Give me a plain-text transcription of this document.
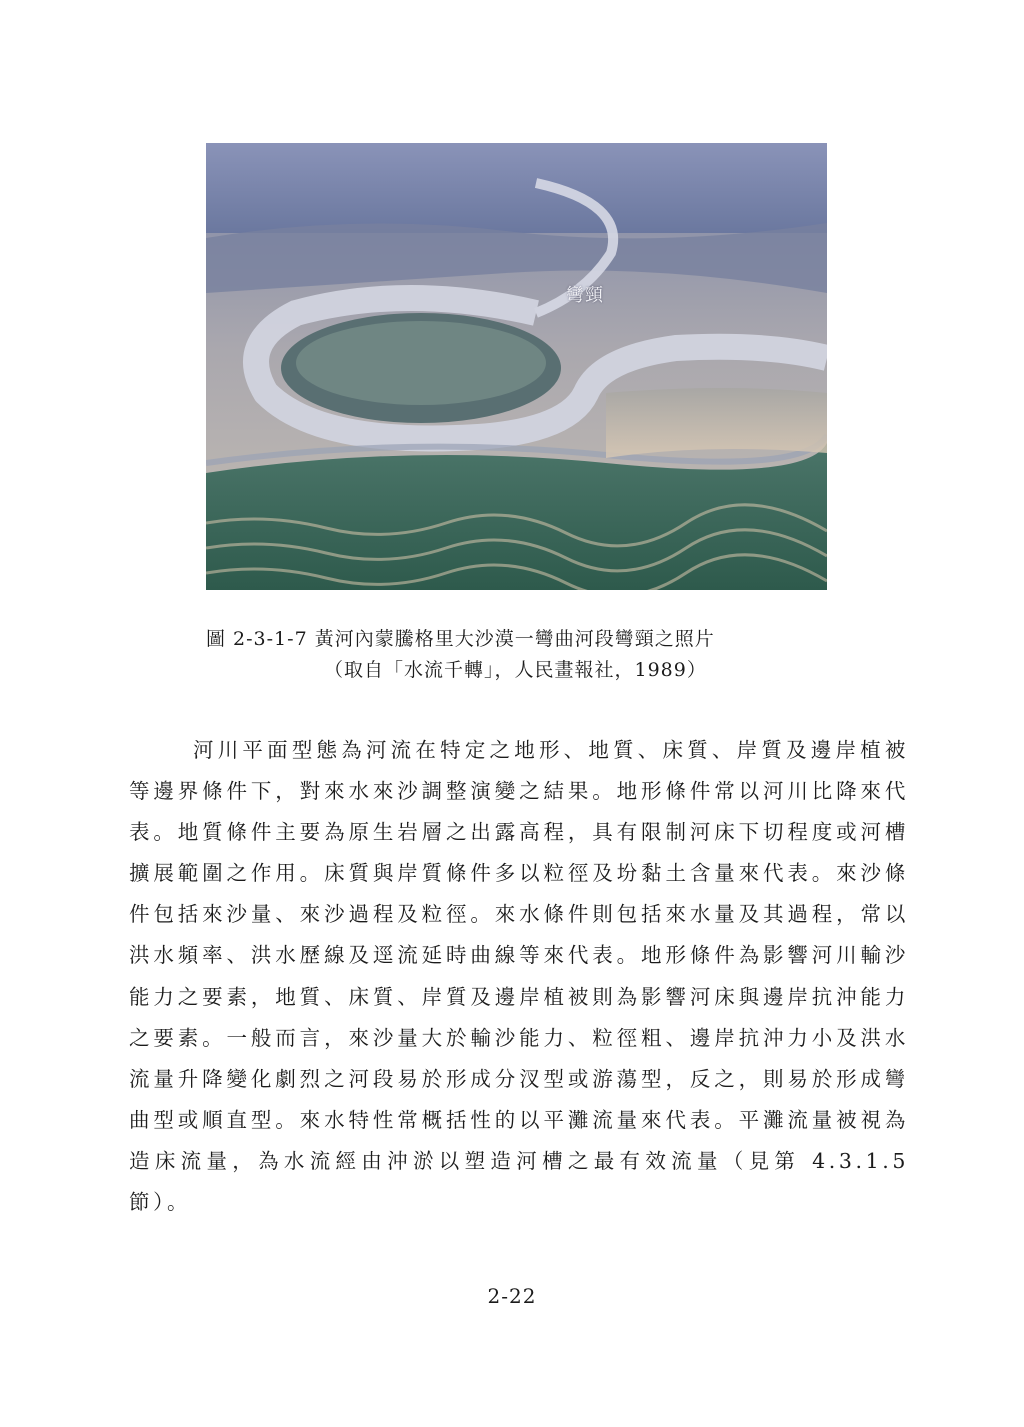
彎頸
圖 2-3-1-7 黃河內蒙騰格里大沙漠一彎曲河段彎頸之照片
（取自「水流千轉」，人民畫報社，1989）

河川平面型態為河流在特定之地形、地質、床質、岸質及邊岸植被等邊界條件下，對來水來沙調整演變之結果。地形條件常以河川比降來代表。地質條件主要為原生岩層之出露高程，具有限制河床下切程度或河槽擴展範圍之作用。床質與岸質條件多以粒徑及坋黏土含量來代表。來沙條件包括來沙量、來沙過程及粒徑。來水條件則包括來水量及其過程，常以洪水頻率、洪水歷線及逕流延時曲線等來代表。地形條件為影響河川輸沙能力之要素，地質、床質、岸質及邊岸植被則為影響河床與邊岸抗沖能力之要素。一般而言，來沙量大於輸沙能力、粒徑粗、邊岸抗沖力小及洪水流量升降變化劇烈之河段易於形成分汊型或游蕩型，反之，則易於形成彎曲型或順直型。來水特性常概括性的以平灘流量來代表。平灘流量被視為造床流量，為水流經由沖淤以塑造河槽之最有效流量（見第 4.3.1.5 節）。

2-22
